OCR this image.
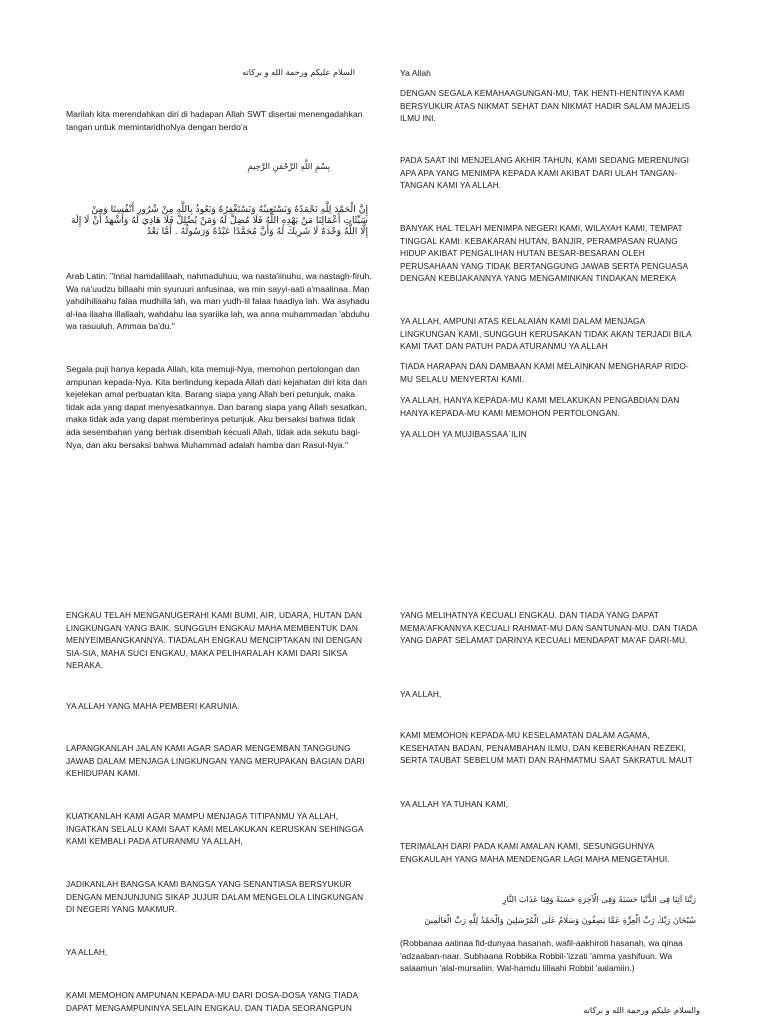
السلام عليكم ورحمة الله و بركاته

Marilah kita merendahkan diri di hadapan Allah SWT disertai menengadahkan tangan untuk memintaridhoNya dengan berdo’a

بِسْمِ اللَّهِ الرَّحْمَنِ الرَّحِيمِ

إِنَّ الْحَمْدَ لِلَّهِ نَحْمَدُهُ وَنَسْتَعِينُهُ وَنَسْتَغْفِرُهُ وَنَعُوذُ بِاللَّهِ مِنْ شُرُورِ أَنْفُسِنَا وَمِنْ سَيِّئَاتِ أَعْمَالِنَا مَنْ يَهْدِهِ اللَّهُ فَلَا مُضِلَّ لَهُ وَمَنْ يُضْلِلْ فَلَا هَادِيَ لَهُ وَأَشْهَدُ أَنْ لَا إِلَهَ إِلَّا اللَّهُ وَحْدَهُ لَا شَرِيكَ لَهُ وَأَنَّ مُحَمَّدًا عَبْدُهُ وَرَسُولُهُ . أَمَّا بَعْدُ

Arab Latin: "Innal hamdalillaah, nahmaduhuu, wa nasta'iinuhu, wa nastagh-firuh. Wa na'uudzu billaahi min syuruuri anfusinaa, wa min sayyi-aati a'maalinaa. Man yahdihillaahu falaa mudhilla lah, wa man yudh-lil falaa haadiya lah. Wa asyhadu al-laa ilaaha illallaah, wahdahu laa syariika lah, wa anna muhammadan 'abduhu wa rasuuluh. Ammaa ba'du."

Segala puji hanya kepada Allah, kita memuji-Nya, memohon pertolongan dan ampunan kepada-Nya. Kita berlindung kepada Allah dari kejahatan diri kita dan kejelekan amal perbuatan kita. Barang siapa yang Allah beri petunjuk, maka tidak ada yang dapat menyesatkannya. Dan barang siapa yang Allah sesatkan, maka tidak ada yang dapat memberinya petunjuk. Aku bersaksi bahwa tidak ada sesembahan yang berhak disembah kecuali Allah, tidak ada sekutu bagi-Nya, dan aku bersaksi bahwa Muhammad adalah hamba dan Rasul-Nya."

Ya Allah

DENGAN SEGALA KEMAHAAGUNGAN-MU, TAK HENTI-HENTINYA KAMI BERSYUKUR ATAS NIKMAT SEHAT DAN NIKMAT HADIR SALAM MAJELIS ILMU INI.

PADA SAAT INI MENJELANG AKHIR TAHUN, KAMI SEDANG MERENUNGI APA APA YANG MENIMPA KEPADA KAMI AKIBAT DARI ULAH TANGAN- TANGAN KAMI YA ALLAH.

BANYAK HAL TELAH MENIMPA NEGERI KAMI, WILAYAH KAMI, TEMPAT TINGGAL KAMI: KEBAKARAN HUTAN, BANJIR, PERAMPASAN RUANG HIDUP AKIBAT PENGALIHAN HUTAN BESAR-BESARAN OLEH PERUSAHAAN YANG TIDAK BERTANGGUNG JAWAB SERTA PENGUASA DENGAN KEBIJAKANNYA YANG MENGAMINKAN TINDAKAN MEREKA

YA ALLAH, AMPUNI ATAS KELALAIAN KAMI DALAM MENJAGA LINGKUNGAN KAMI, SUNGGUH KERUSAKAN TIDAK AKAN TERJADI BILA KAMI TAAT DAN PATUH PADA ATURANMU YA ALLAH

TIADA HARAPAN DAN DAMBAAN KAMI MELAINKAN MENGHARAP RIDO-MU SELALU MENYERTAI KAMI.

YA ALLAH, HANYA KEPADA-MU KAMI MELAKUKAN PENGABDIAN DAN HANYA KEPADA-MU KAMI MEMOHON PERTOLONGAN.

YA ALLOH YA MUJIBASSAA`ILIN

ENGKAU TELAH MENGANUGERAHI KAMI BUMI, AIR, UDARA, HUTAN DAN LINGKUNGAN YANG BAIK. SUNGGUH ENGKAU MAHA MEMBENTUK DAN MENYEIMBANGKANNYA. TIADALAH ENGKAU MENCIPTAKAN INI DENGAN SIA-SIA, MAHA SUCI ENGKAU, MAKA PELIHARALAH KAMI DARI SIKSA NERAKA.

YA ALLAH YANG MAHA PEMBERI KARUNIA.

LAPANGKANLAH JALAN KAMI AGAR SADAR MENGEMBAN TANGGUNG JAWAB DALAM MENJAGA LINGKUNGAN YANG MERUPAKAN BAGIAN DARI KEHIDUPAN KAMI.

KUATKANLAH KAMI AGAR MAMPU MENJAGA TITIPANMU YA ALLAH, INGATKAN SELALU KAMI SAAT KAMI MELAKUKAN KERUSKAN SEHINGGA KAMI KEMBALI PADA ATURANMU YA ALLAH,

JADIKANLAH BANGSA KAMI BANGSA YANG SENANTIASA BERSYUKUR DENGAN MENJUNJUNG SIKAP JUJUR DALAM MENGELOLA LINGKUNGAN DI NEGERI YANG MAKMUR.

YA ALLAH,

KAMI MEMOHON AMPUNAN KEPADA-MU DARI DOSA-DOSA YANG TIADA DAPAT MENGAMPUNINYA SELAIN ENGKAU. DAN TIADA SEORANGPUN

YANG MELIHATNYA KECUALI ENGKAU. DAN TIADA YANG DAPAT MEMA'AFKANNYA KECUALI RAHMAT-MU DAN SANTUNAN-MU. DAN TIADA YANG DAPAT SELAMAT DARINYA KECUALI MENDAPAT MA'AF DARI-MU.

YA ALLAH,

KAMI MEMOHON KEPADA-MU KESELAMATAN DALAM AGAMA, KESEHATAN BADAN, PENAMBAHAN ILMU, DAN KEBERKAHAN REZEKI, SERTA TAUBAT SEBELUM MATI DAN RAHMATMU SAAT SAKRATUL MAUT

YA ALLAH YA TUHAN KAMI,

TERIMALAH DARI PADA KAMI AMALAN KAMI, SESUNGGUHNYA ENGKAULAH YANG MAHA MENDENGAR LAGI MAHA MENGETAHUI.

رَبَّنَا آتِنَا فِى الدُّنْيَا حَسَنَةً وَفِى الْآخِرَةِ حَسَنَةً وَقِنَا عَذَابَ النَّارِ

سُبْحَانَ رَبِّكَ رَبِّ الْعِزَّةِ عَمَّا يَصِفُونَ وَسَلَامٌ عَلَى الْمُرْسَلِينَ وَالْحَمْدُ لِلَّهِ رَبِّ الْعَالَمِينَ

(Robbanaa aatinaa fid-dunyaa hasanah, wafil-aakhiroti hasanah, wa qinaa 'adzaaban-naar. Subhaana Robbika Robbil-'izzati 'amma yashifuun. Wa salaamun 'alal-mursaliin. Wal-hamdu lillaahi Robbil 'aalamiin.)

والسلام عليكم ورحمة الله و بركاته
